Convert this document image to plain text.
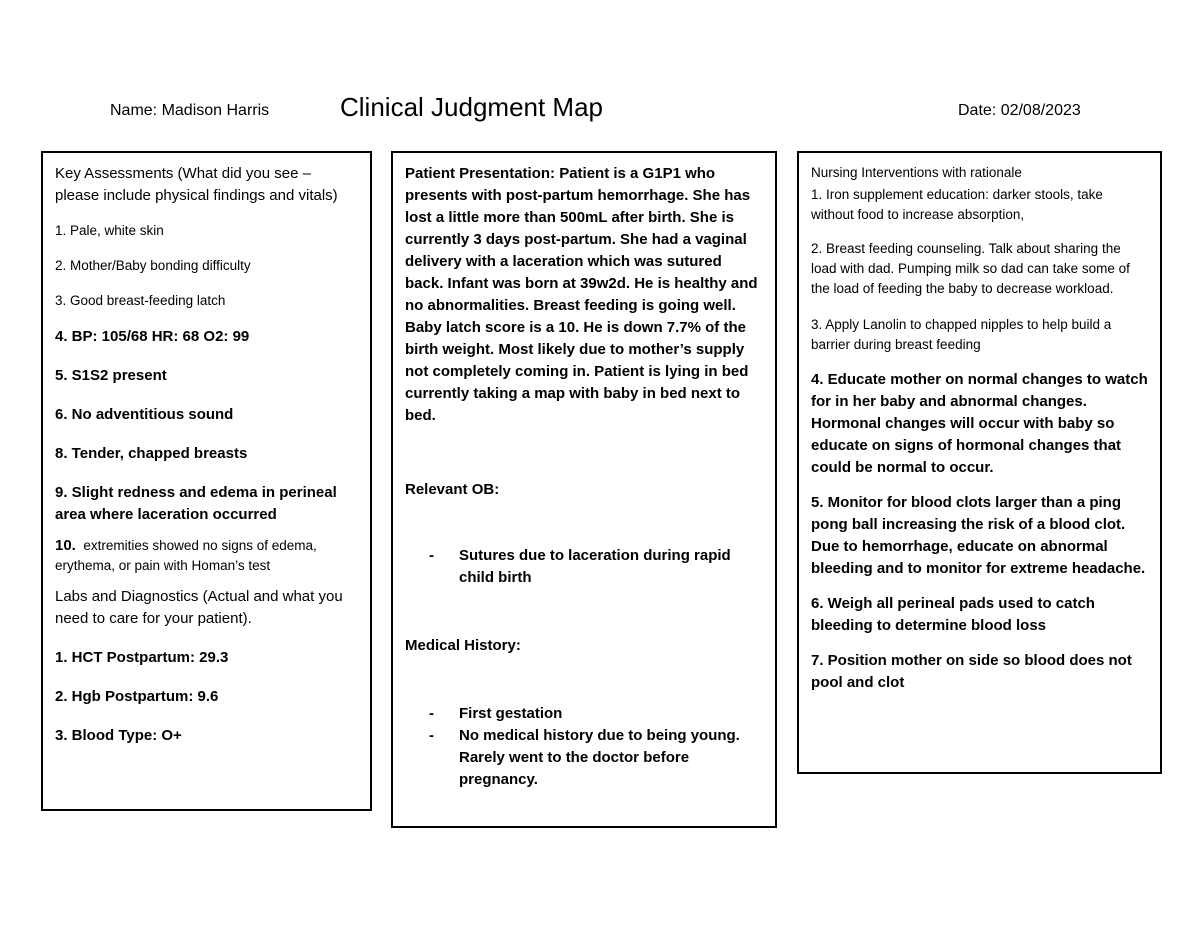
Name: Madison Harris	Clinical Judgment Map	Date: 02/08/2023

Key Assessments (What did you see – please include physical findings and vitals)

1. Pale, white skin

2. Mother/Baby bonding difficulty

3. Good breast-feeding latch

4. BP: 105/68 HR: 68 O2: 99

5. S1S2 present

6. No adventitious sound

8. Tender, chapped breasts

9. Slight redness and edema in perineal area where laceration occurred

10. extremities showed no signs of edema, erythema, or pain with Homan’s test

Labs and Diagnostics (Actual and what you need to care for your patient).

1. HCT Postpartum: 29.3

2. Hgb Postpartum: 9.6

3. Blood Type: O+

Patient Presentation: Patient is a G1P1 who presents with post-partum hemorrhage. She has lost a little more than 500mL after birth. She is currently 3 days post-partum. She had a vaginal delivery with a laceration which was sutured back. Infant was born at 39w2d. He is healthy and no abnormalities. Breast feeding is going well. Baby latch score is a 10. He is down 7.7% of the birth weight. Most likely due to mother’s supply not completely coming in. Patient is lying in bed currently taking a map with baby in bed next to bed.

Relevant OB:

-	Sutures due to laceration during rapid child birth

Medical History:

-	First gestation
-	No medical history due to being young. Rarely went to the doctor before pregnancy.

Nursing Interventions with rationale

1. Iron supplement education: darker stools, take without food to increase absorption,

2. Breast feeding counseling. Talk about sharing the load with dad. Pumping milk so dad can take some of the load of feeding the baby to decrease workload.

3. Apply Lanolin to chapped nipples to help build a barrier during breast feeding

4. Educate mother on normal changes to watch for in her baby and abnormal changes. Hormonal changes will occur with baby so educate on signs of hormonal changes that could be normal to occur.

5. Monitor for blood clots larger than a ping pong ball increasing the risk of a blood clot. Due to hemorrhage, educate on abnormal bleeding and to monitor for extreme headache.

6. Weigh all perineal pads used to catch bleeding to determine blood loss

7. Position mother on side so blood does not pool and clot
